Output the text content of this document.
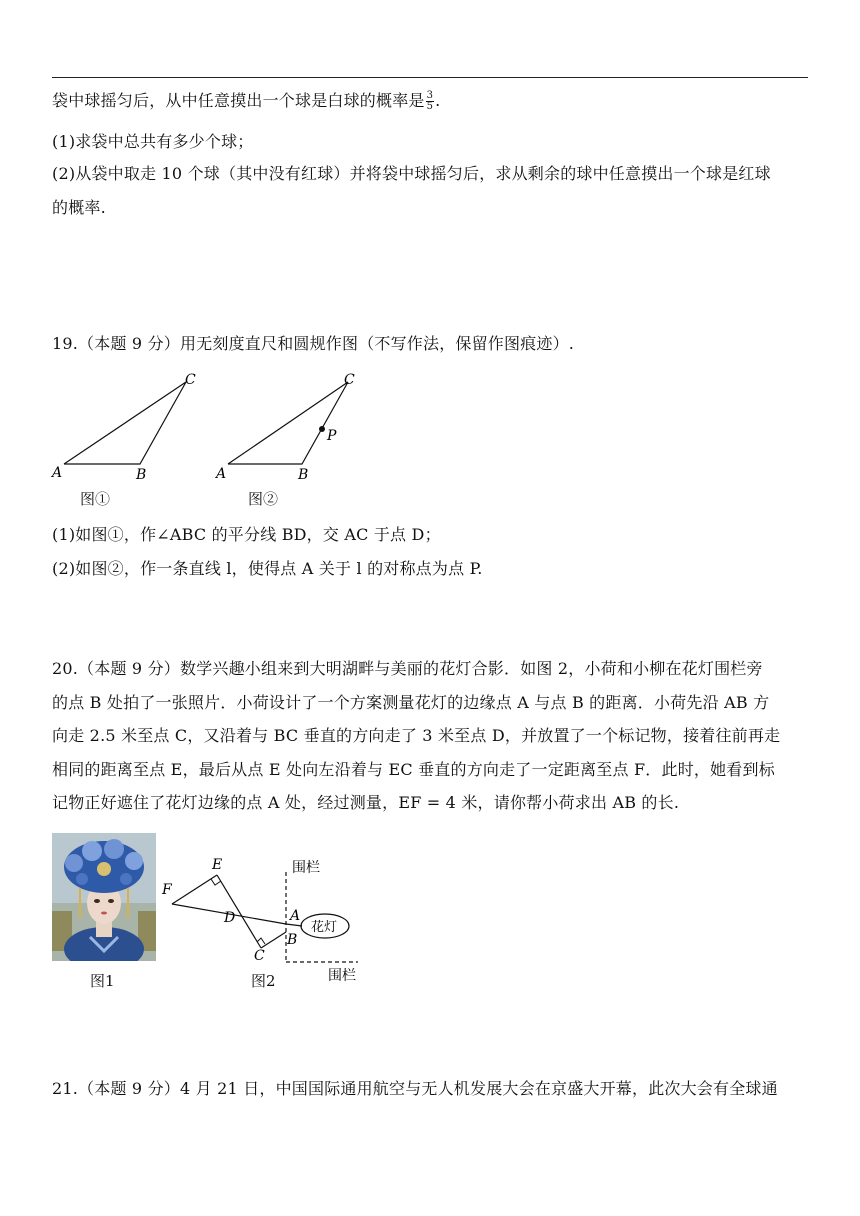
袋中球摇匀后，从中任意摸出一个球是白球的概率是 $\frac{3}{5}$ .
(1)求袋中总共有多少个球；
(2)从袋中取走 10 个球（其中没有红球）并将袋中球摇匀后，求从剩余的球中任意摸出一个球是红球
的概率.
19.（本题 9 分）用无刻度直尺和圆规作图（不写作法，保留作图痕迹）.
A	B
C
图①
A	B
C
P
图②
(1)如图①，作∠ABC 的平分线 BD，交 AC 于点 D；
(2)如图②，作一条直线 l，使得点 A 关于 l 的对称点为点 P.
20.（本题 9 分）数学兴趣小组来到大明湖畔与美丽的花灯合影．如图 2，小荷和小柳在花灯围栏旁
的点 B 处拍了一张照片．小荷设计了一个方案测量花灯的边缘点 A 与点 B 的距离．小荷先沿 AB 方
向走 2.5 米至点 C，又沿着与 BC 垂直的方向走了 3 米至点 D，并放置了一个标记物，接着往前再走
相同的距离至点 E，最后从点 E 处向左沿着与 EC 垂直的方向走了一定距离至点 F．此时，她看到标
记物正好遮住了花灯边缘的点 A 处，经过测量，EF = 4 米，请你帮小荷求出 AB 的长.
图1
花灯
E
F
D	A
B
C
围栏
围栏
图2
21.（本题 9 分）4 月 21 日，中国国际通用航空与无人机发展大会在京盛大开幕，此次大会有全球通
